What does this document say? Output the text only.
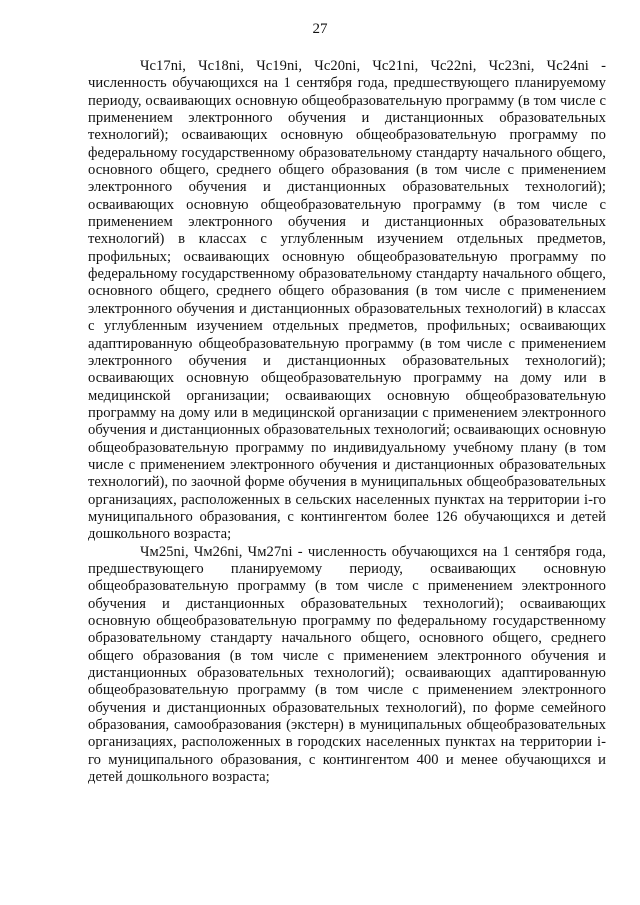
27

Чс17ni, Чс18ni, Чс19ni, Чс20ni, Чс21ni, Чс22ni, Чс23ni, Чс24ni - численность обучающихся на 1 сентября года, предшествующего планируемому периоду, осваивающих основную общеобразовательную программу (в том числе с применением электронного обучения и дистанционных образовательных технологий); осваивающих основную общеобразовательную программу по федеральному государственному образовательному стандарту начального общего, основного общего, среднего общего образования (в том числе с применением электронного обучения и дистанционных образовательных технологий); осваивающих основную общеобразовательную программу (в том числе с применением электронного обучения и дистанционных образовательных технологий) в классах с углубленным изучением отдельных предметов, профильных; осваивающих основную общеобразовательную программу по федеральному государственному образовательному стандарту начального общего, основного общего, среднего общего образования (в том числе с применением электронного обучения и дистанционных образовательных технологий) в классах с углубленным изучением отдельных предметов, профильных; осваивающих адаптированную общеобразовательную программу (в том числе с применением электронного обучения и дистанционных образовательных технологий); осваивающих основную общеобразовательную программу на дому или в медицинской организации; осваивающих основную общеобразовательную программу на дому или в медицинской организации с применением электронного обучения и дистанционных образовательных технологий; осваивающих основную общеобразовательную программу по индивидуальному учебному плану (в том числе с применением электронного обучения и дистанционных образовательных технологий), по заочной форме обучения в муниципальных общеобразовательных организациях, расположенных в сельских населенных пунктах на территории i-го муниципального образования, с контингентом более 126 обучающихся и детей дошкольного возраста;

Чм25ni, Чм26ni, Чм27ni - численность обучающихся на 1 сентября года, предшествующего планируемому периоду, осваивающих основную общеобразовательную программу (в том числе с применением электронного обучения и дистанционных образовательных технологий); осваивающих основную общеобразовательную программу по федеральному государственному образовательному стандарту начального общего, основного общего, среднего общего образования (в том числе с применением электронного обучения и дистанционных образовательных технологий); осваивающих адаптированную общеобразовательную программу (в том числе с применением электронного обучения и дистанционных образовательных технологий), по форме семейного образования, самообразования (экстерн) в муниципальных общеобразовательных организациях, расположенных в городских населенных пунктах на территории i-го муниципального образования, с контингентом 400 и менее обучающихся и детей дошкольного возраста;
